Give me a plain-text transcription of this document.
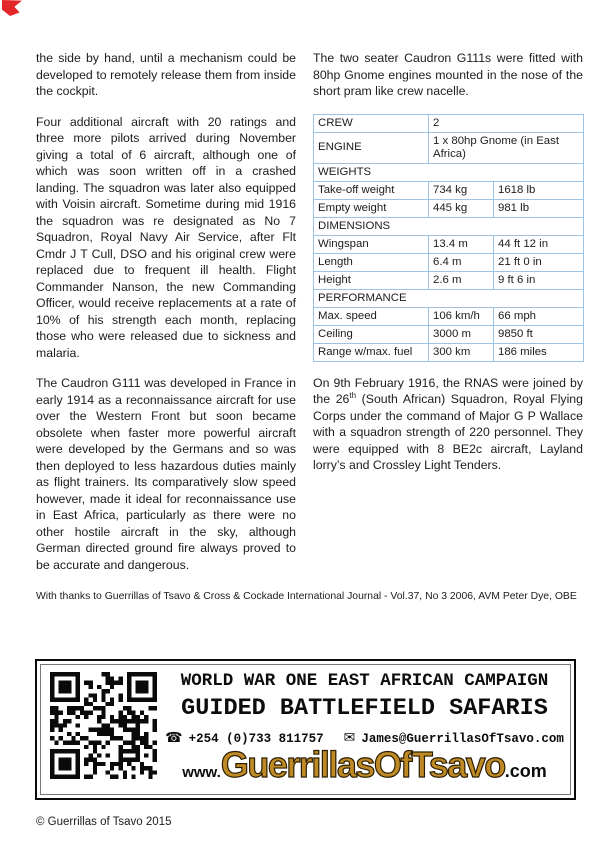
the side by hand, until a mechanism could be developed to remotely release them from inside the cockpit.

Four additional aircraft with 20 ratings and three more pilots arrived during November giving a total of 6 aircraft, although one of which was soon written off in a crashed landing. The squadron was later also equipped with Voisin aircraft. Sometime during mid 1916 the squadron was re designated as No 7 Squadron, Royal Navy Air Service, after Flt Cmdr J T Cull, DSO and his original crew were replaced due to frequent ill health. Flight Commander Nanson, the new Commanding Officer, would receive replacements at a rate of 10% of his strength each month, replacing those who were released due to sickness and malaria.

The Caudron G111 was developed in France in early 1914 as a reconnaissance aircraft for use over the Western Front but soon became obsolete when faster more powerful aircraft were developed by the Germans and so was then deployed to less hazardous duties mainly as flight trainers. Its comparatively slow speed however, made it ideal for reconnaissance use in East Africa, particularly as there were no other hostile aircraft in the sky, although German directed ground fire always proved to be accurate and dangerous.

The two seater Caudron G111s were fitted with 80hp Gnome engines mounted in the nose of the short pram like crew nacelle.

CREW	2	
ENGINE	1 x 80hp Gnome (in East Africa)	
WEIGHTS		
Take-off weight	734 kg	1618 lb
Empty weight	445 kg	981 lb
DIMENSIONS		
Wingspan	13.4 m	44 ft 12 in
Length	6.4 m	21 ft 0 in
Height	2.6 m	9 ft 6 in
PERFORMANCE		
Max. speed	106 km/h	66 mph
Ceiling	3000 m	9850 ft
Range w/max. fuel	300 km	186 miles

On 9th February 1916, the RNAS were joined by the 26th (South African) Squadron, Royal Flying Corps under the command of Major G P Wallace with a squadron strength of 220 personnel. They were equipped with 8 BE2c aircraft, Layland lorry’s and Crossley Light Tenders.

With thanks to Guerrillas of Tsavo & Cross & Cockade International Journal - Vol.37, No 3 2006, AVM Peter Dye, OBE
WORLD WAR ONE EAST AFRICAN CAMPAIGN
GUIDED BATTLEFIELD SAFARIS
☎ +254 (0)733 811757 ✉ James@GuerrillasOfTsavo.com
www.GuerrillasOfTsavo.com
© Guerrillas of Tsavo 2015
